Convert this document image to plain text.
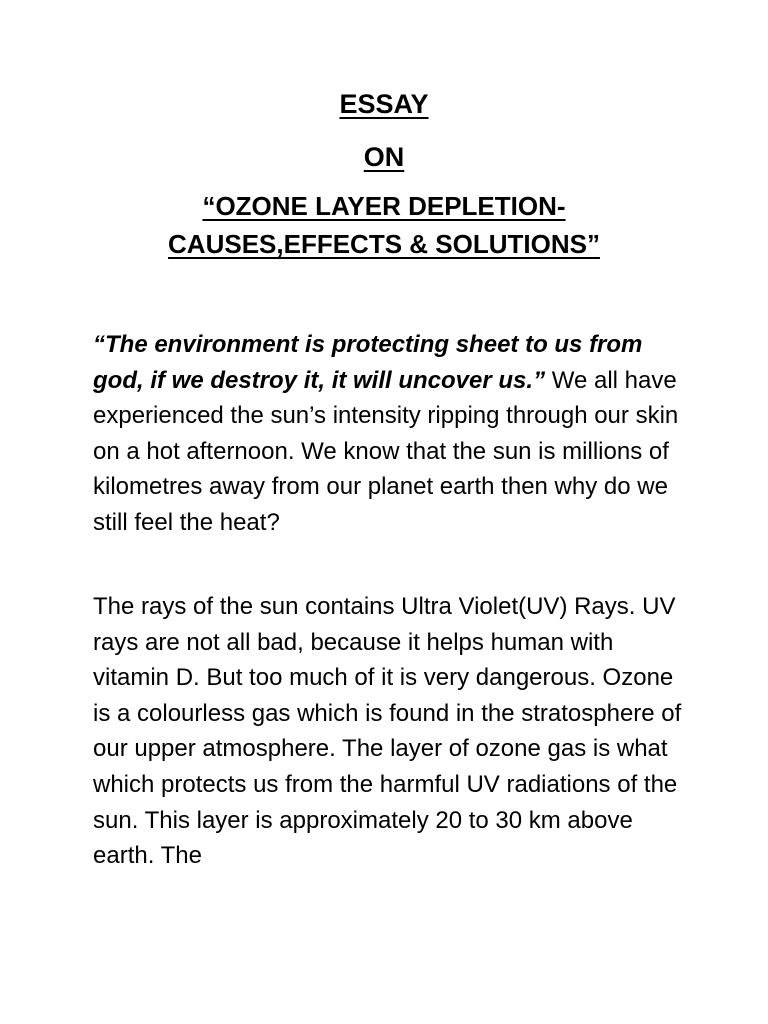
ESSAY
ON
“OZONE LAYER DEPLETION-
CAUSES,EFFECTS & SOLUTIONS”

“The environment is protecting sheet to us from god, if we destroy it, it will uncover us.” We all have experienced the sun’s intensity ripping through our skin on a hot afternoon. We know that the sun is millions of kilometres away from our planet earth then why do we still feel the heat?

The rays of the sun contains Ultra Violet(UV) Rays. UV rays are not all bad, because it helps human with vitamin D. But too much of it is very dangerous. Ozone is a colourless gas which is found in the stratosphere of our upper atmosphere. The layer of ozone gas is what which protects us from the harmful UV radiations of the sun. This layer is approximately 20 to 30 km above earth. The
